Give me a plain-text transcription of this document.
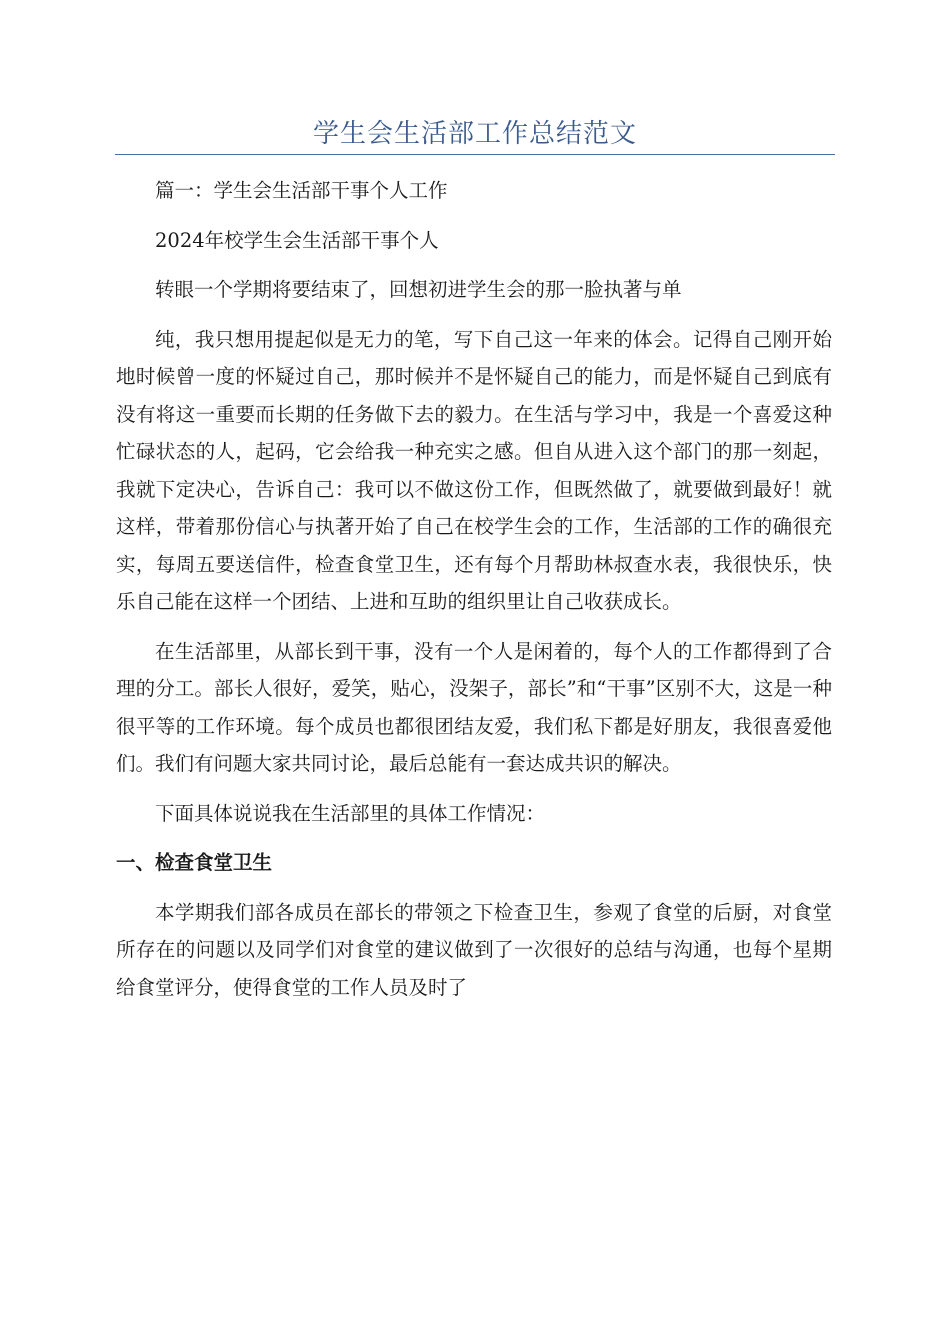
学生会生活部工作总结范文

篇一：学生会生活部干事个人工作

2024年校学生会生活部干事个人

转眼一个学期将要结束了，回想初进学生会的那一脸执著与单

纯，我只想用提起似是无力的笔，写下自己这一年来的体会。记得自己刚开始地时候曾一度的怀疑过自己，那时候并不是怀疑自己的能力，而是怀疑自己到底有没有将这一重要而长期的任务做下去的毅力。在生活与学习中，我是一个喜爱这种忙碌状态的人，起码，它会给我一种充实之感。但自从进入这个部门的那一刻起，我就下定决心，告诉自己：我可以不做这份工作，但既然做了，就要做到最好！就这样，带着那份信心与执著开始了自己在校学生会的工作，生活部的工作的确很充实，每周五要送信件，检查食堂卫生，还有每个月帮助林叔查水表，我很快乐，快乐自己能在这样一个团结、上进和互助的组织里让自己收获成长。

在生活部里，从部长到干事，没有一个人是闲着的，每个人的工作都得到了合理的分工。部长人很好，爱笑，贴心，没架子，部长”和“干事”区别不大，这是一种很平等的工作环境。每个成员也都很团结友爱，我们私下都是好朋友，我很喜爱他们。我们有问题大家共同讨论，最后总能有一套达成共识的解决。

下面具体说说我在生活部里的具体工作情况：

一、检查食堂卫生

本学期我们部各成员在部长的带领之下检查卫生，参观了食堂的后厨，对食堂所存在的问题以及同学们对食堂的建议做到了一次很好的总结与沟通，也每个星期给食堂评分，使得食堂的工作人员及时了
